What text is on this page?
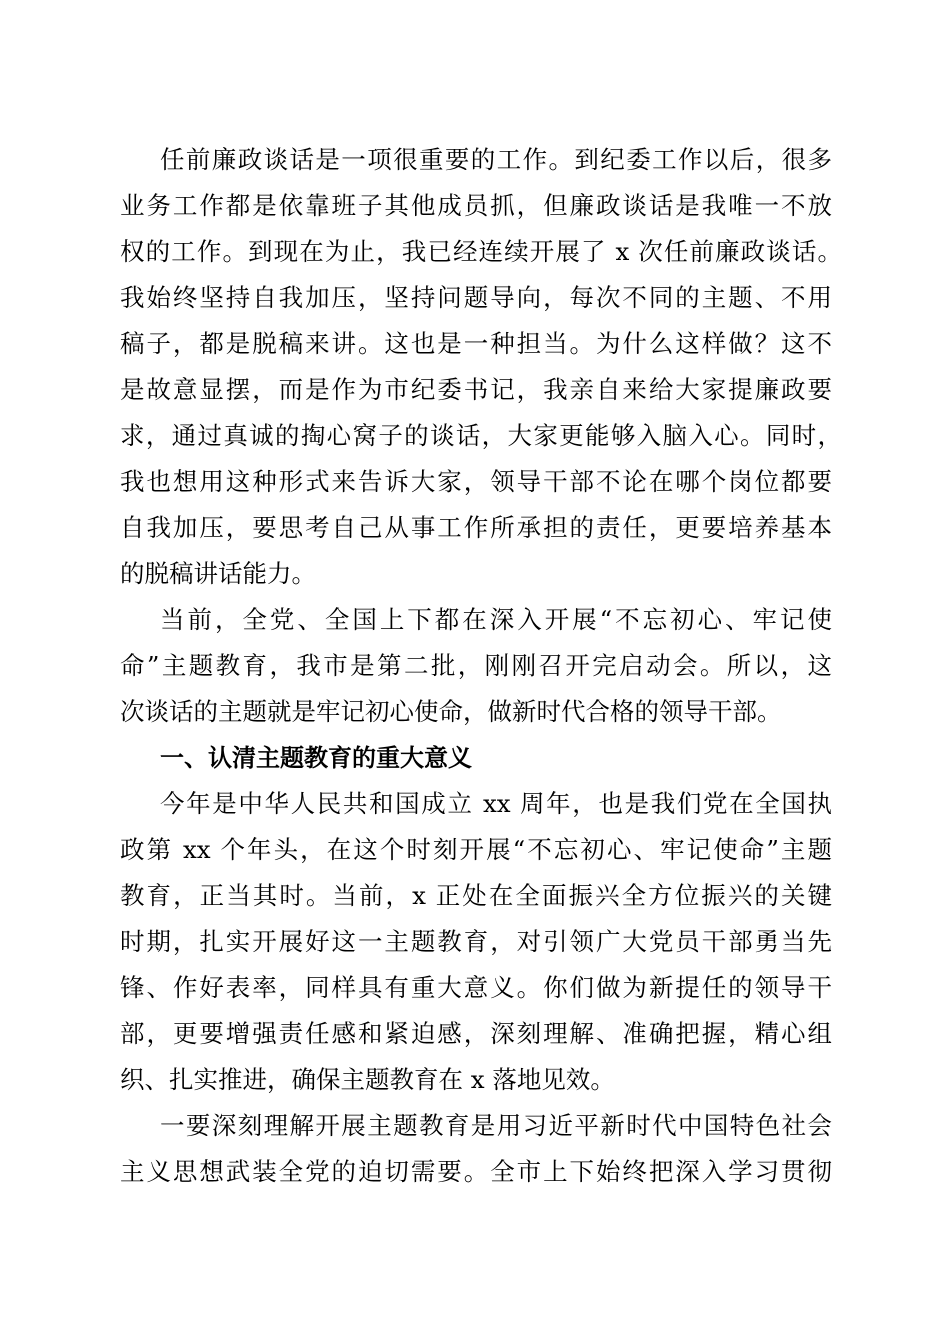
任前廉政谈话是一项很重要的工作。到纪委工作以后，很多
业务工作都是依靠班子其他成员抓，但廉政谈话是我唯一不放
权的工作。到现在为止，我已经连续开展了 x 次任前廉政谈话。
我始终坚持自我加压，坚持问题导向，每次不同的主题、不用
稿子，都是脱稿来讲。这也是一种担当。为什么这样做？这不
是故意显摆，而是作为市纪委书记，我亲自来给大家提廉政要
求，通过真诚的掏心窝子的谈话，大家更能够入脑入心。同时，
我也想用这种形式来告诉大家，领导干部不论在哪个岗位都要
自我加压，要思考自己从事工作所承担的责任，更要培养基本
的脱稿讲话能力。
当前，全党、全国上下都在深入开展“不忘初心、牢记使
命”主题教育，我市是第二批，刚刚召开完启动会。所以，这
次谈话的主题就是牢记初心使命，做新时代合格的领导干部。
一、认清主题教育的重大意义
今年是中华人民共和国成立 xx 周年，也是我们党在全国执
政第 xx 个年头，在这个时刻开展“不忘初心、牢记使命”主题
教育，正当其时。当前，x 正处在全面振兴全方位振兴的关键
时期，扎实开展好这一主题教育，对引领广大党员干部勇当先
锋、作好表率，同样具有重大意义。你们做为新提任的领导干
部，更要增强责任感和紧迫感，深刻理解、准确把握，精心组
织、扎实推进，确保主题教育在 x 落地见效。
一要深刻理解开展主题教育是用习近平新时代中国特色社会
主义思想武装全党的迫切需要。全市上下始终把深入学习贯彻
